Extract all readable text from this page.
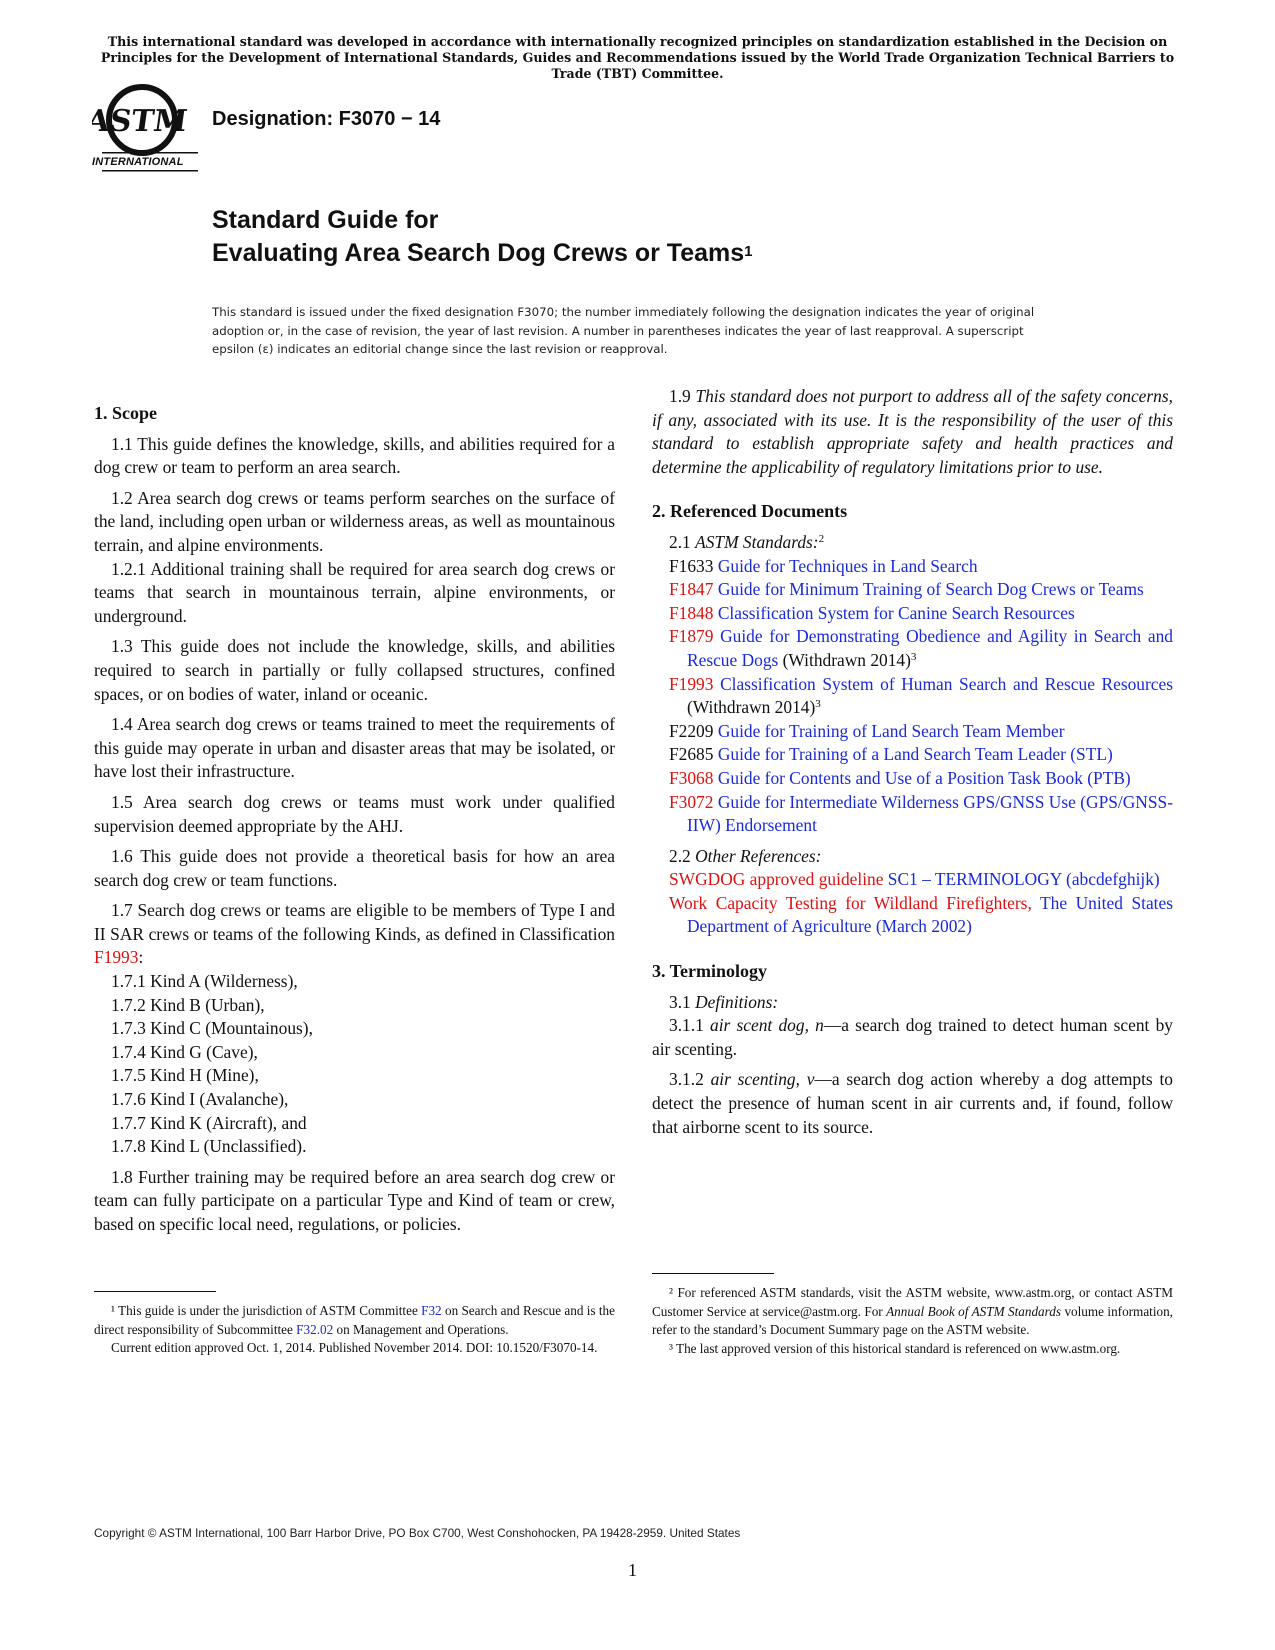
This international standard was developed in accordance with internationally recognized principles on standardization established in the Decision on Principles for the Development of International Standards, Guides and Recommendations issued by the World Trade Organization Technical Barriers to Trade (TBT) Committee.
ASTM
INTERNATIONAL
Designation: F3070 − 14
Standard Guide for
Evaluating Area Search Dog Crews or Teams$^1$
This standard is issued under the fixed designation F3070; the number immediately following the designation indicates the year of original adoption or, in the case of revision, the year of last revision. A number in parentheses indicates the year of last reapproval. A superscript epsilon (ε) indicates an editorial change since the last revision or reapproval.

1. Scope

1.1 This guide defines the knowledge, skills, and abilities required for a dog crew or team to perform an area search.

1.2 Area search dog crews or teams perform searches on the surface of the land, including open urban or wilderness areas, as well as mountainous terrain, and alpine environments.

1.2.1 Additional training shall be required for area search dog crews or teams that search in mountainous terrain, alpine environments, or underground.

1.3 This guide does not include the knowledge, skills, and abilities required to search in partially or fully collapsed structures, confined spaces, or on bodies of water, inland or oceanic.

1.4 Area search dog crews or teams trained to meet the requirements of this guide may operate in urban and disaster areas that may be isolated, or have lost their infrastructure.

1.5 Area search dog crews or teams must work under qualified supervision deemed appropriate by the AHJ.

1.6 This guide does not provide a theoretical basis for how an area search dog crew or team functions.

1.7 Search dog crews or teams are eligible to be members of Type I and II SAR crews or teams of the following Kinds, as defined in Classification F1993:

1.7.1 Kind A (Wilderness),

1.7.2 Kind B (Urban),

1.7.3 Kind C (Mountainous),

1.7.4 Kind G (Cave),

1.7.5 Kind H (Mine),

1.7.6 Kind I (Avalanche),

1.7.7 Kind K (Aircraft), and

1.7.8 Kind L (Unclassified).

1.8 Further training may be required before an area search dog crew or team can fully participate on a particular Type and Kind of team or crew, based on specific local need, regulations, or policies.

1.9 This standard does not purport to address all of the safety concerns, if any, associated with its use. It is the responsibility of the user of this standard to establish appropriate safety and health practices and determine the applicability of regulatory limitations prior to use.

2. Referenced Documents

2.1 ASTM Standards:$^2$

F1633 Guide for Techniques in Land Search

F1847 Guide for Minimum Training of Search Dog Crews or Teams

F1848 Classification System for Canine Search Resources

F1879 Guide for Demonstrating Obedience and Agility in Search and Rescue Dogs (Withdrawn 2014)$^3$

F1993 Classification System of Human Search and Rescue Resources (Withdrawn 2014)$^3$

F2209 Guide for Training of Land Search Team Member

F2685 Guide for Training of a Land Search Team Leader (STL)

F3068 Guide for Contents and Use of a Position Task Book (PTB)

F3072 Guide for Intermediate Wilderness GPS/GNSS Use (GPS/GNSS-IIW) Endorsement

2.2 Other References:

SWGDOG approved guideline SC1 – TERMINOLOGY (abcdefghijk)

Work Capacity Testing for Wildland Firefighters, The United States Department of Agriculture (March 2002)

3. Terminology

3.1 Definitions:

3.1.1 air scent dog, n—a search dog trained to detect human scent by air scenting.

3.1.2 air scenting, v—a search dog action whereby a dog attempts to detect the presence of human scent in air currents and, if found, follow that airborne scent to its source.

¹ This guide is under the jurisdiction of ASTM Committee F32 on Search and Rescue and is the direct responsibility of Subcommittee F32.02 on Management and Operations.

Current edition approved Oct. 1, 2014. Published November 2014. DOI: 10.1520/F3070-14.

² For referenced ASTM standards, visit the ASTM website, www.astm.org, or contact ASTM Customer Service at service@astm.org. For Annual Book of ASTM Standards volume information, refer to the standard’s Document Summary page on the ASTM website.

³ The last approved version of this historical standard is referenced on www.astm.org.

Copyright © ASTM International, 100 Barr Harbor Drive, PO Box C700, West Conshohocken, PA 19428-2959. United States
1
